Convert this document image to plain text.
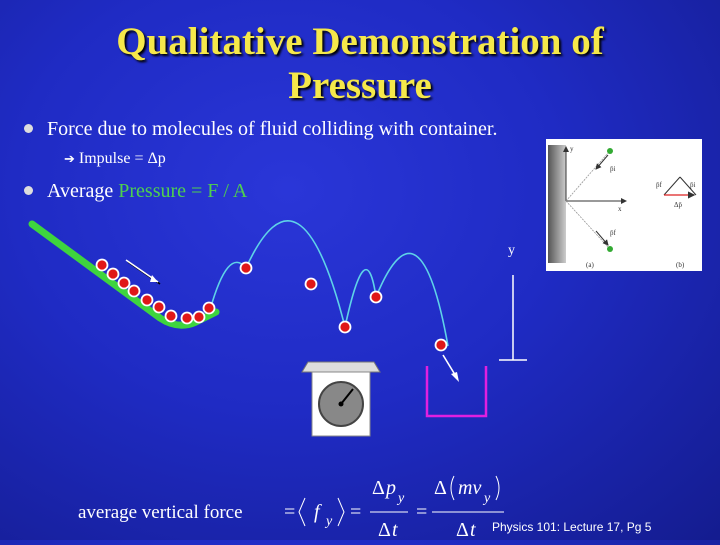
Qualitative Demonstration of
Pressure
Force due to molecules of fluid colliding with container.
➔ Impulse = Δp
Average Pressure = F / A
x
y
p̄i
p̄f
p̄f	p̄i
Δp̄
(a)	(b)
y
average vertical force = f y =
Δ p y
Δ t
=
Δ mv y
Δ t Physics 101: Lecture 17, Pg 5
